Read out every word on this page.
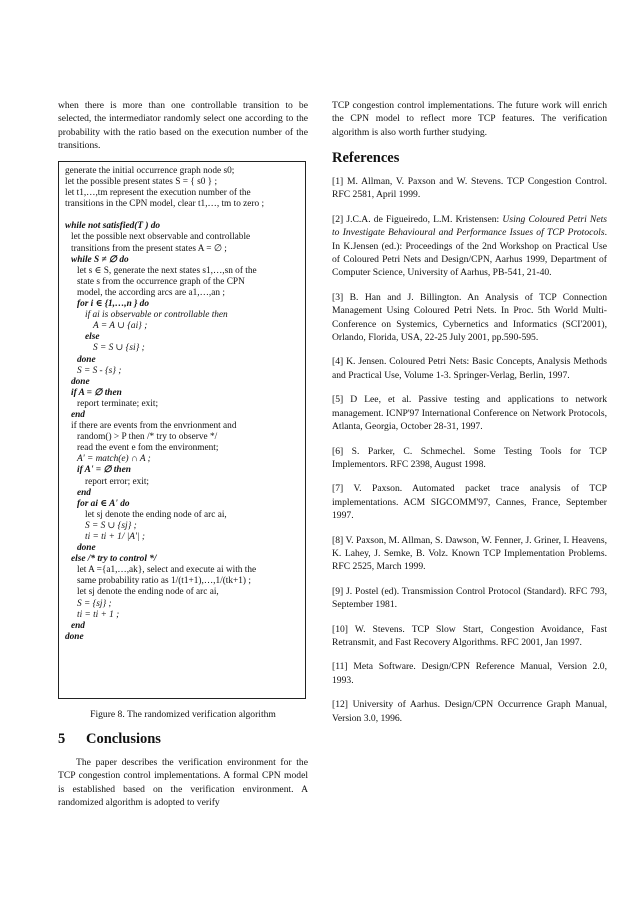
when there is more than one controllable transition to be selected, the intermediator randomly select one according to the probability with the ratio based on the execution number of the transitions.

generate the initial occurrence graph node s0;
let the possible present states S = { s0 } ;
let t1,…,tm represent the execution number of the
transitions in the CPN model, clear t1,…, tm to zero ;
while not satisfied(T ) do
let the possible next observable and controllable
transitions from the present states A = ∅ ;
while S ≠ ∅ do
let s ∈ S, generate the next states s1,…,sn of the
state s from the occurrence graph of the CPN
model, the according arcs are a1,…,an ;
for i ∈ {1,…,n } do
if ai is observable or controllable then
A = A ∪ {ai} ;
else
S = S ∪ {si} ;
done
S = S - {s} ;
done
if A = ∅ then
report terminate; exit;
end
if there are events from the envrionment and
random() > P then /* try to observe */
read the event e fom the environment;
A' = match(e) ∩ A ;
if A' = ∅ then
report error; exit;
end
for ai ∈ A' do
let sj denote the ending node of arc ai,
S = S ∪ {sj} ;
ti = ti + 1/ |A'| ;
done
else /* try to control */
let A ={a1,…,ak}, select and execute ai with the
same probability ratio as 1/(t1+1),…,1/(tk+1) ;
let sj denote the ending node of arc ai,
S = {sj} ;
ti = ti + 1 ;
end
done

Figure 8. The randomized verification algorithm

5 Conclusions

The paper describes the verification environment for the TCP congestion control implementations. A formal CPN model is established based on the verification environment. A randomized algorithm is adopted to verify

TCP congestion control implementations. The future work will enrich the CPN model to reflect more TCP features. The verification algorithm is also worth further studying.

References

[1] M. Allman, V. Paxson and W. Stevens. TCP Congestion Control. RFC 2581, April 1999.

[2] J.C.A. de Figueiredo, L.M. Kristensen: Using Coloured Petri Nets to Investigate Behavioural and Performance Issues of TCP Protocols. In K.Jensen (ed.): Proceedings of the 2nd Workshop on Practical Use of Coloured Petri Nets and Design/CPN, Aarhus 1999, Department of Computer Science, University of Aarhus, PB-541, 21-40.

[3] B. Han and J. Billington. An Analysis of TCP Connection Management Using Coloured Petri Nets. In Proc. 5th World Multi-Conference on Systemics, Cybernetics and Informatics (SCI'2001), Orlando, Florida, USA, 22-25 July 2001, pp.590-595.

[4] K. Jensen. Coloured Petri Nets: Basic Concepts, Analysis Methods and Practical Use, Volume 1-3. Springer-Verlag, Berlin, 1997.

[5] D Lee, et al. Passive testing and applications to network management. ICNP'97 International Conference on Network Protocols, Atlanta, Georgia, October 28-31, 1997.

[6] S. Parker, C. Schmechel. Some Testing Tools for TCP Implementors. RFC 2398, August 1998.

[7] V. Paxson. Automated packet trace analysis of TCP implementations. ACM SIGCOMM'97, Cannes, France, September 1997.

[8] V. Paxson, M. Allman, S. Dawson, W. Fenner, J. Griner, I. Heavens, K. Lahey, J. Semke, B. Volz. Known TCP Implementation Problems. RFC 2525, March 1999.

[9] J. Postel (ed). Transmission Control Protocol (Standard). RFC 793, September 1981.

[10] W. Stevens. TCP Slow Start, Congestion Avoidance, Fast Retransmit, and Fast Recovery Algorithms. RFC 2001, Jan 1997.

[11] Meta Software. Design/CPN Reference Manual, Version 2.0, 1993.

[12] University of Aarhus. Design/CPN Occurrence Graph Manual, Version 3.0, 1996.
